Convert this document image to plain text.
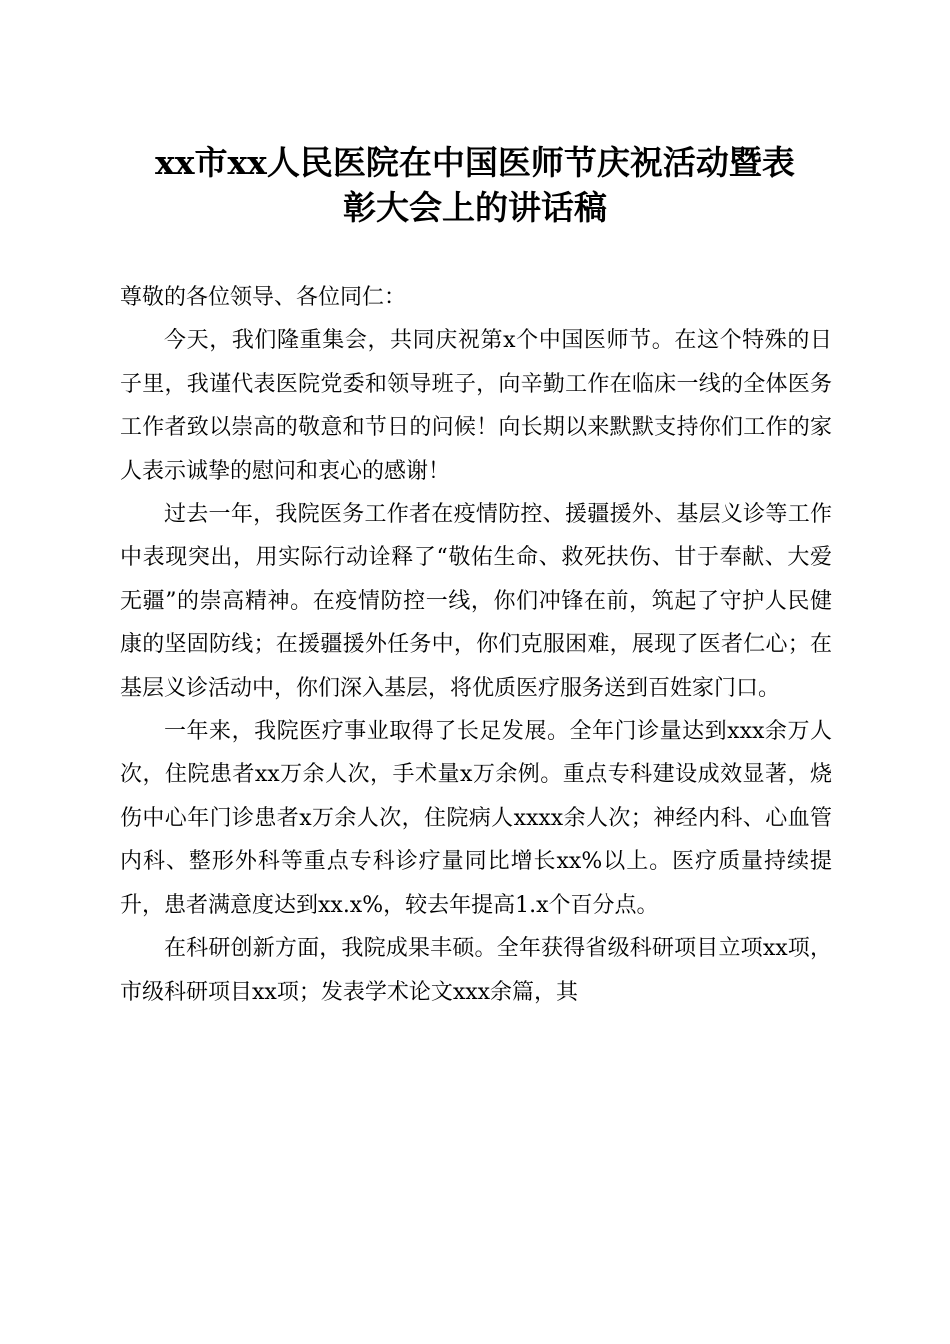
xx市xx人民医院在中国医师节庆祝活动暨表
彰大会上的讲话稿

尊敬的各位领导、各位同仁：

今天，我们隆重集会，共同庆祝第x个中国医师节。在这个特殊的日子里，我谨代表医院党委和领导班子，向辛勤工作在临床一线的全体医务工作者致以崇高的敬意和节日的问候！向长期以来默默支持你们工作的家人表示诚挚的慰问和衷心的感谢！

过去一年，我院医务工作者在疫情防控、援疆援外、基层义诊等工作中表现突出，用实际行动诠释了“敬佑生命、救死扶伤、甘于奉献、大爱无疆”的崇高精神。在疫情防控一线，你们冲锋在前，筑起了守护人民健康的坚固防线；在援疆援外任务中，你们克服困难，展现了医者仁心；在基层义诊活动中，你们深入基层，将优质医疗服务送到百姓家门口。

一年来，我院医疗事业取得了长足发展。全年门诊量达到xxx余万人次，住院患者xx万余人次，手术量x万余例。重点专科建设成效显著，烧伤中心年门诊患者x万余人次，住院病人xxxx余人次；神经内科、心血管内科、整形外科等重点专科诊疗量同比增长xx%以上。医疗质量持续提升，患者满意度达到xx.x%，较去年提高1.x个百分点。

在科研创新方面，我院成果丰硕。全年获得省级科研项目立项xx项，市级科研项目xx项；发表学术论文xxx余篇，其
